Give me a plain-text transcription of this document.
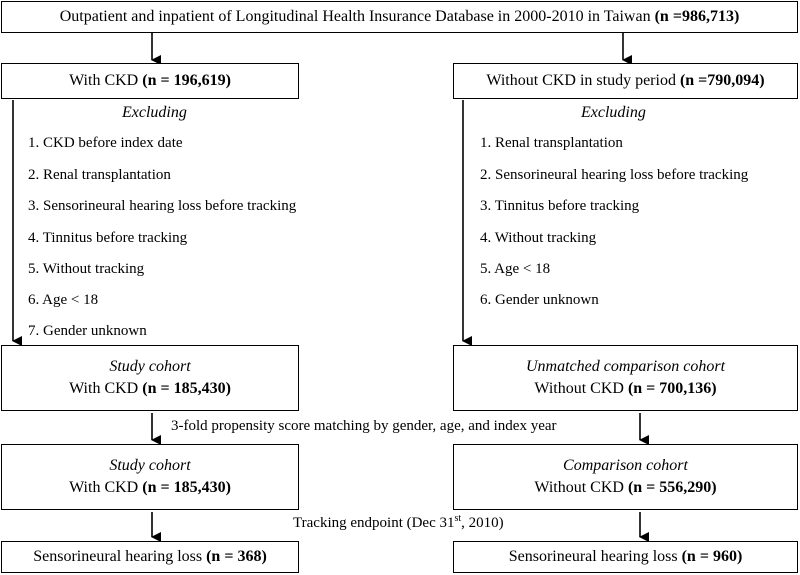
Outpatient and inpatient of Longitudinal Health Insurance Database in 2000-2010 in Taiwan (n =986,713)
With CKD (n = 196,619)	Without CKD in study period (n =790,094)
Excluding
1. CKD before index date
2. Renal transplantation
3. Sensorineural hearing loss before tracking
4. Tinnitus before tracking
5. Without tracking
6. Age < 18
7. Gender unknown
Excluding
1. Renal transplantation
2. Sensorineural hearing loss before tracking
3. Tinnitus before tracking
4. Without tracking
5. Age < 18
6. Gender unknown
Study cohort
With CKD (n = 185,430)
Unmatched comparison cohort
Without CKD (n = 700,136)
3-fold propensity score matching by gender, age, and index year
Study cohort
With CKD (n = 185,430)
Comparison cohort
Without CKD (n = 556,290)
Tracking endpoint (Dec 31st, 2010)
Sensorineural hearing loss (n = 368)	Sensorineural hearing loss (n = 960)
